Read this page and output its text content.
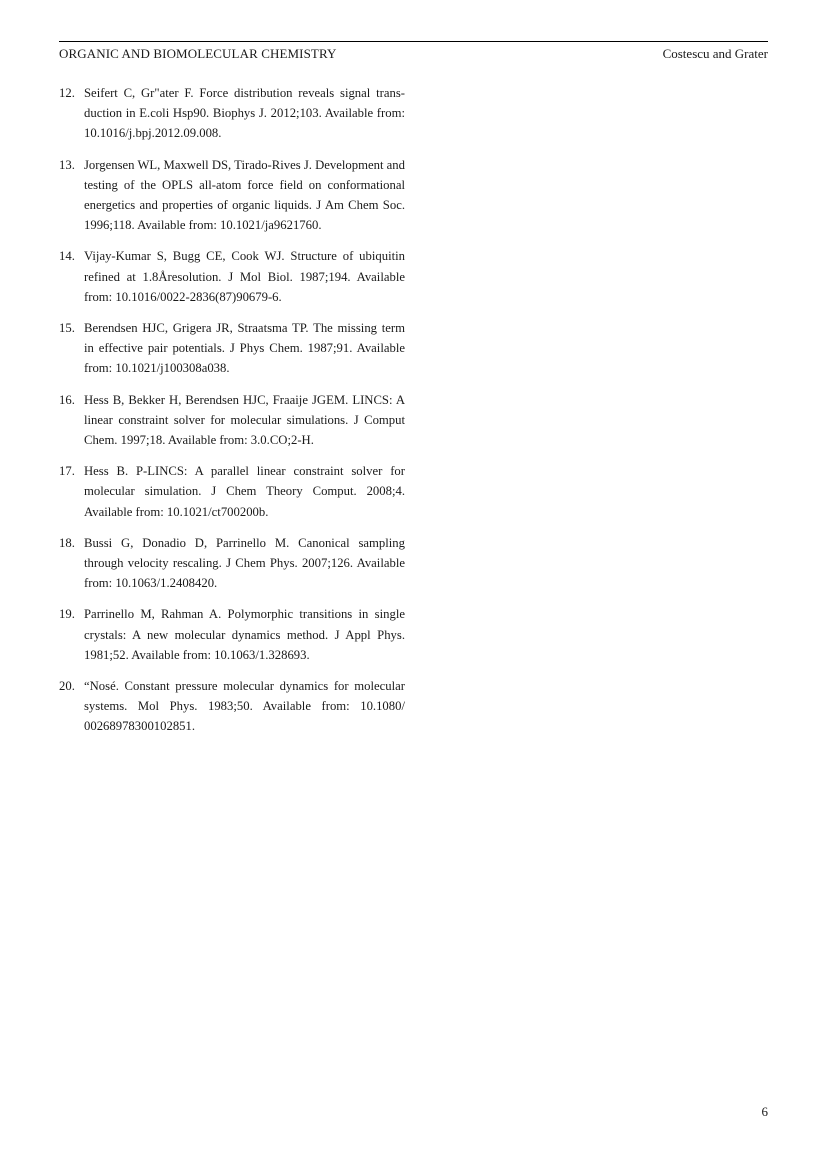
ORGANIC AND BIOMOLECULAR CHEMISTRY	Costescu and Grater
12. Seifert C, Gr"ater F. Force distribution reveals signal transduction in E.coli Hsp90. Biophys J. 2012;103. Available from: 10.1016/j.bpj.2012.09.008.
13. Jorgensen WL, Maxwell DS, Tirado-Rives J. Development and testing of the OPLS all-atom force field on conformational energetics and properties of organic liquids. J Am Chem Soc. 1996;118. Available from: 10.1021/ja9621760.
14. Vijay-Kumar S, Bugg CE, Cook WJ. Structure of ubiquitin refined at 1.8Åresolution. J Mol Biol. 1987;194. Available from: 10.1016/0022-2836(87)90679-6.
15. Berendsen HJC, Grigera JR, Straatsma TP. The missing term in effective pair potentials. J Phys Chem. 1987;91. Available from: 10.1021/j100308a038.
16. Hess B, Bekker H, Berendsen HJC, Fraaije JGEM. LINCS: A linear constraint solver for molecular simulations. J Comput Chem. 1997;18. Available from: 3.0.CO;2-H.
17. Hess B. P-LINCS: A parallel linear constraint solver for molecular simulation. J Chem Theory Comput. 2008;4. Available from: 10.1021/ct700200b.
18. Bussi G, Donadio D, Parrinello M. Canonical sampling through velocity rescaling. J Chem Phys. 2007;126. Available from: 10.1063/1.2408420.
19. Parrinello M, Rahman A. Polymorphic transitions in single crystals: A new molecular dynamics method. J Appl Phys. 1981;52. Available from: 10.1063/1.328693.
20. “Nosé. Constant pressure molecular dynamics for molecular systems. Mol Phys. 1983;50. Available from: 10.1080/ 00268978300102851.
6
